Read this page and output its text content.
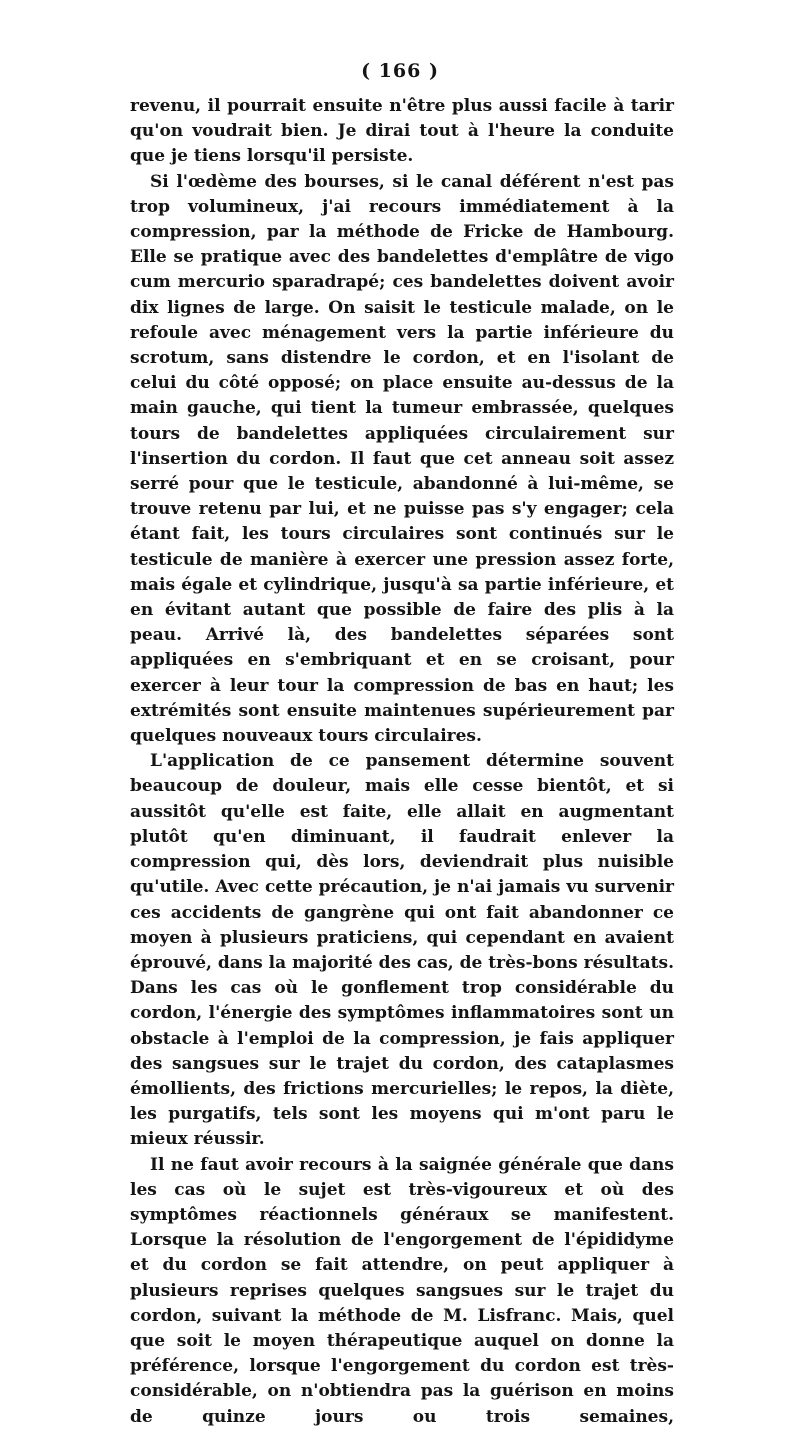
( 166 )

revenu, il pourrait ensuite n'être plus aussi facile à tarir qu'on voudrait bien. Je dirai tout à l'heure la conduite que je tiens lorsqu'il persiste.

Si l'œdème des bourses, si le canal déférent n'est pas trop volumineux, j'ai recours immédiatement à la compression, par la méthode de Fricke de Hambourg. Elle se pratique avec des bandelettes d'emplâtre de vigo cum mercurio sparadrapé; ces bandelettes doivent avoir dix lignes de large. On saisit le testicule malade, on le refoule avec ménagement vers la partie inférieure du scrotum, sans distendre le cordon, et en l'isolant de celui du côté opposé; on place ensuite au-dessus de la main gauche, qui tient la tumeur embrassée, quelques tours de bandelettes appliquées circulairement sur l'insertion du cordon. Il faut que cet anneau soit assez serré pour que le testicule, abandonné à lui-même, se trouve retenu par lui, et ne puisse pas s'y engager; cela étant fait, les tours circulaires sont continués sur le testicule de manière à exercer une pression assez forte, mais égale et cylindrique, jusqu'à sa partie inférieure, et en évitant autant que possible de faire des plis à la peau. Arrivé là, des bandelettes séparées sont appliquées en s'embriquant et en se croisant, pour exercer à leur tour la compression de bas en haut; les extrémités sont ensuite maintenues supérieurement par quelques nouveaux tours circulaires.

L'application de ce pansement détermine souvent beaucoup de douleur, mais elle cesse bientôt, et si aussitôt qu'elle est faite, elle allait en augmentant plutôt qu'en diminuant, il faudrait enlever la compression qui, dès lors, deviendrait plus nuisible qu'utile. Avec cette précaution, je n'ai jamais vu survenir ces accidents de gangrène qui ont fait abandonner ce moyen à plusieurs praticiens, qui cependant en avaient éprouvé, dans la majorité des cas, de très-bons résultats. Dans les cas où le gonflement trop considérable du cordon, l'énergie des symptômes inflammatoires sont un obstacle à l'emploi de la compression, je fais appliquer des sangsues sur le trajet du cordon, des cataplasmes émollients, des frictions mercurielles; le repos, la diète, les purgatifs, tels sont les moyens qui m'ont paru le mieux réussir.

Il ne faut avoir recours à la saignée générale que dans les cas où le sujet est très-vigoureux et où des symptômes réactionnels généraux se manifestent. Lorsque la résolution de l'engorgement de l'épididyme et du cordon se fait attendre, on peut appliquer à plusieurs reprises quelques sangsues sur le trajet du cordon, suivant la méthode de M. Lisfranc. Mais, quel que soit le moyen thérapeutique auquel on donne la préférence, lorsque l'engorgement du cordon est très-considérable, on n'obtiendra pas la guérison en moins de quinze jours ou trois semaines,
